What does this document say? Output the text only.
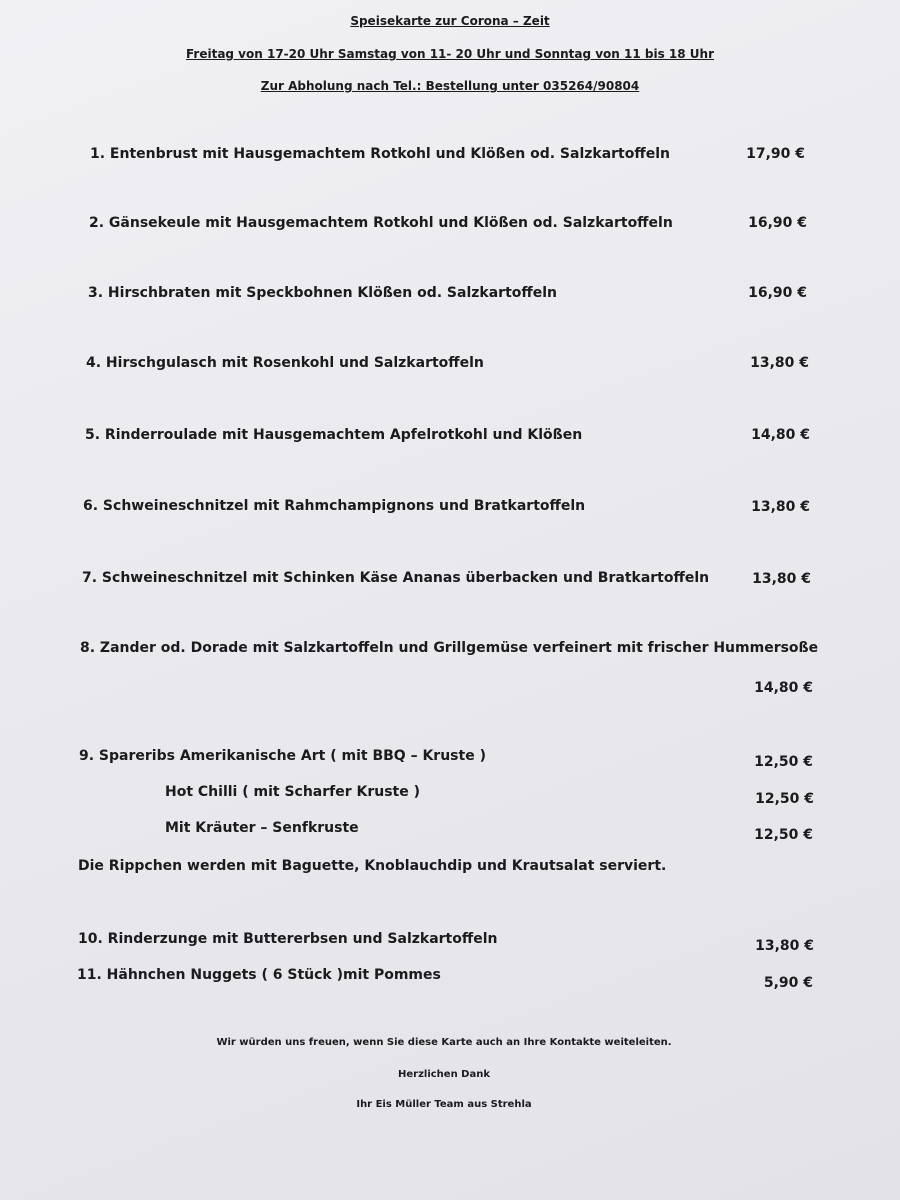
Speisekarte zur Corona – Zeit
Freitag von 17-20 Uhr Samstag von 11- 20 Uhr und Sonntag von 11 bis 18 Uhr
Zur Abholung nach Tel.: Bestellung unter 035264/90804
1. Entenbrust mit Hausgemachtem Rotkohl und Klößen od. Salzkartoffeln	17,90 €
2. Gänsekeule mit Hausgemachtem Rotkohl und Klößen od. Salzkartoffeln	16,90 €
3. Hirschbraten mit Speckbohnen Klößen od. Salzkartoffeln	16,90 €
4. Hirschgulasch mit Rosenkohl und Salzkartoffeln	13,80 €
5. Rinderroulade mit Hausgemachtem Apfelrotkohl und Klößen	14,80 €
6. Schweineschnitzel mit Rahmchampignons und Bratkartoffeln	13,80 €
7. Schweineschnitzel mit Schinken Käse Ananas überbacken und Bratkartoffeln	13,80 €
8. Zander od. Dorade mit Salzkartoffeln und Grillgemüse verfeinert mit frischer Hummersoße
14,80 €
9. Spareribs Amerikanische Art ( mit BBQ – Kruste )	12,50 €
Hot Chilli ( mit Scharfer Kruste )	12,50 €
Mit Kräuter – Senfkruste	12,50 €
Die Rippchen werden mit Baguette, Knoblauchdip und Krautsalat serviert.
10. Rinderzunge mit Buttererbsen und Salzkartoffeln	13,80 €
11. Hähnchen Nuggets ( 6 Stück )mit Pommes	5,90 €
Wir würden uns freuen, wenn Sie diese Karte auch an Ihre Kontakte weiteleiten.
Herzlichen Dank
Ihr Eis Müller Team aus Strehla
